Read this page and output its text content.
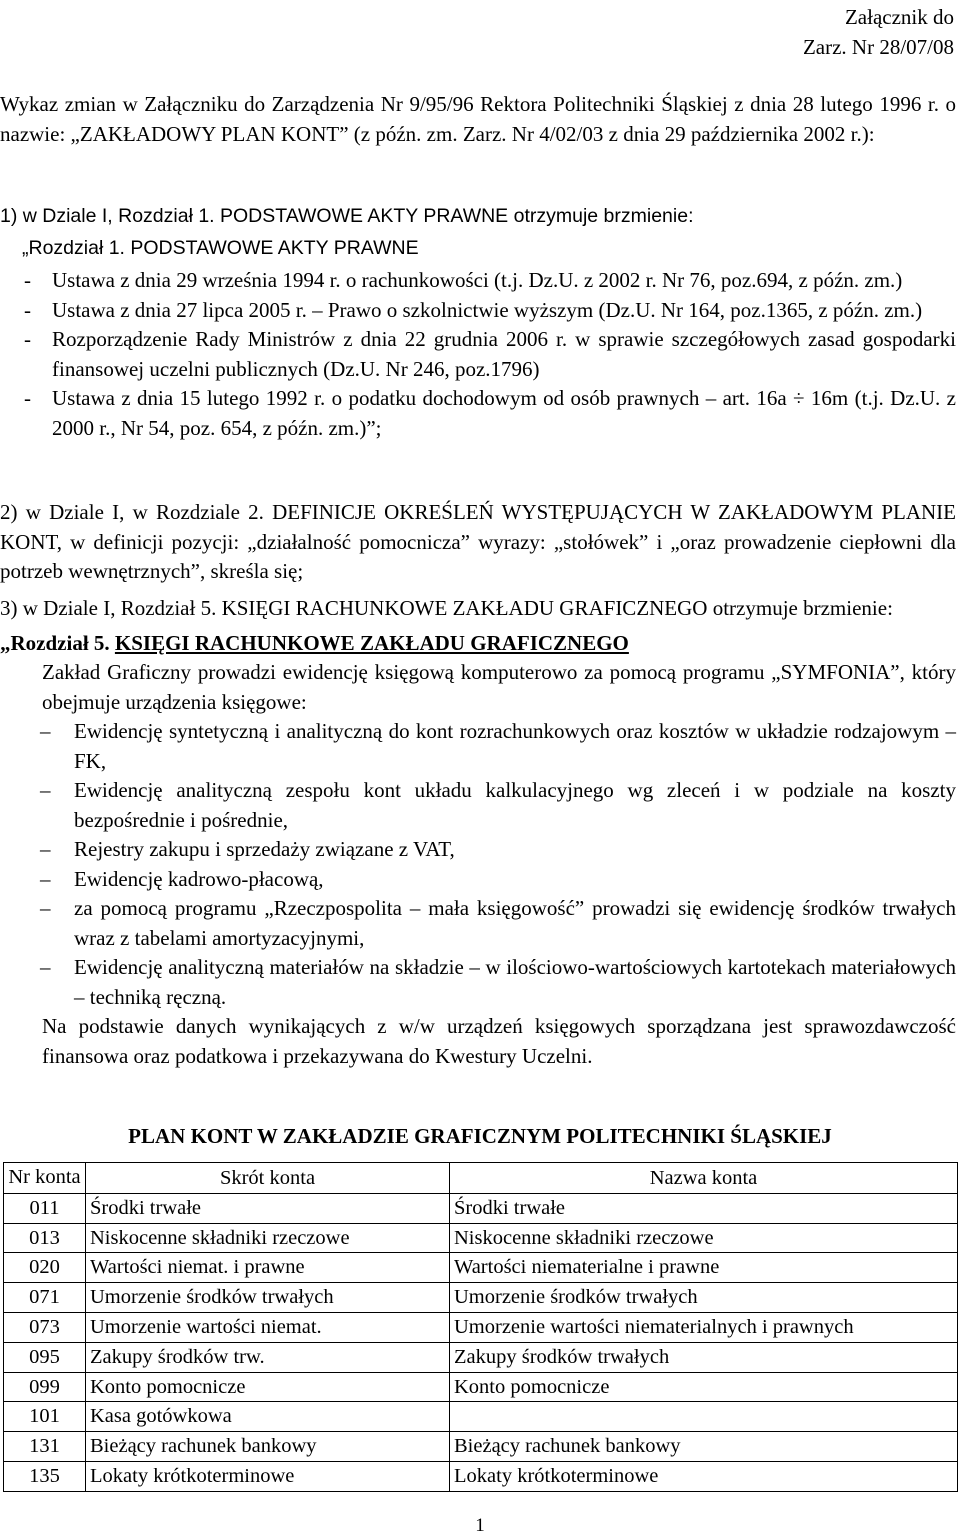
Załącznik do
Zarz. Nr 28/07/08
Wykaz zmian w Załączniku do Zarządzenia Nr 9/95/96 Rektora Politechniki Śląskiej z dnia 28 lutego 1996 r. o nazwie: „ZAKŁADOWY PLAN KONT” (z późn. zm. Zarz. Nr 4/02/03 z dnia 29 października 2002 r.):
1) w Dziale I, Rozdział 1. PODSTAWOWE AKTY PRAWNE otrzymuje brzmienie:
„Rozdział 1. PODSTAWOWE AKTY PRAWNE
-	Ustawa z dnia 29 września 1994 r. o rachunkowości (t.j. Dz.U. z 2002 r. Nr 76, poz.694, z późn. zm.)
-	Ustawa z dnia 27 lipca 2005 r. – Prawo o szkolnictwie wyższym (Dz.U. Nr 164, poz.1365, z późn. zm.)
-	Rozporządzenie Rady Ministrów z dnia 22 grudnia 2006 r. w sprawie szczegółowych zasad gospodarki finansowej uczelni publicznych (Dz.U. Nr 246, poz.1796)
-	Ustawa z dnia 15 lutego 1992 r. o podatku dochodowym od osób prawnych – art. 16a ÷ 16m (t.j. Dz.U. z 2000 r., Nr 54, poz. 654, z późn. zm.)”;
2) w Dziale I, w Rozdziale 2. DEFINICJE OKREŚLEŃ WYSTĘPUJĄCYCH W ZAKŁADOWYM PLANIE KONT, w definicji pozycji: „działalność pomocnicza” wyrazy: „stołówek” i „oraz prowadzenie ciepłowni dla potrzeb wewnętrznych”, skreśla się;
3) w Dziale I, Rozdział 5. KSIĘGI RACHUNKOWE ZAKŁADU GRAFICZNEGO otrzymuje brzmienie:
„Rozdział 5. KSIĘGI RACHUNKOWE ZAKŁADU GRAFICZNEGO
Zakład Graficzny prowadzi ewidencję księgową komputerowo za pomocą programu „SYMFONIA”, który obejmuje urządzenia księgowe:
–	Ewidencję syntetyczną i analityczną do kont rozrachunkowych oraz kosztów w układzie rodzajowym – FK,
–	Ewidencję analityczną zespołu kont układu kalkulacyjnego wg zleceń i w podziale na koszty bezpośrednie i pośrednie,
–	Rejestry zakupu i sprzedaży związane z VAT,
–	Ewidencję kadrowo-płacową,
–	za pomocą programu „Rzeczpospolita – mała księgowość” prowadzi się ewidencję środków trwałych wraz z tabelami amortyzacyjnymi,
–	Ewidencję analityczną materiałów na składzie – w ilościowo-wartościowych kartotekach materiałowych – techniką ręczną.
Na podstawie danych wynikających z w/w urządzeń księgowych sporządzana jest sprawozdawczość finansowa oraz podatkowa i przekazywana do Kwestury Uczelni.
PLAN KONT W ZAKŁADZIE GRAFICZNYM POLITECHNIKI ŚLĄSKIEJ
Nr konta	Skrót konta	Nazwa konta
011	Środki trwałe	Środki trwałe
013	Niskocenne składniki rzeczowe	Niskocenne składniki rzeczowe
020	Wartości niemat. i prawne	Wartości niematerialne i prawne
071	Umorzenie środków trwałych	Umorzenie środków trwałych
073	Umorzenie wartości niemat.	Umorzenie wartości niematerialnych i prawnych
095	Zakupy środków trw.	Zakupy środków trwałych
099	Konto pomocnicze	Konto pomocnicze
101	Kasa gotówkowa	
131	Bieżący rachunek bankowy	Bieżący rachunek bankowy
135	Lokaty krótkoterminowe	Lokaty krótkoterminowe
1
